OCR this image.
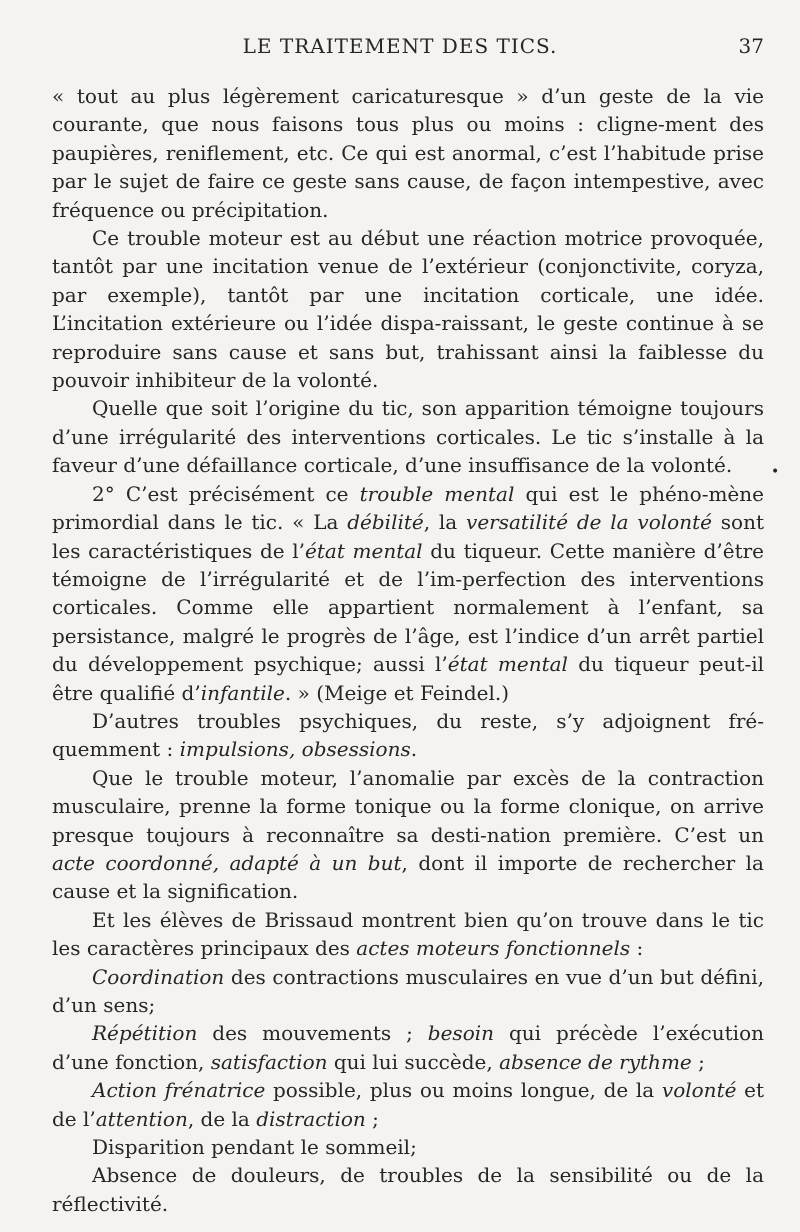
LE TRAITEMENT DES TICS.	37
•

« tout au plus légèrement caricaturesque » d’un geste de la vie courante, que nous faisons tous plus ou moins : cligne-ment des paupières, reniflement, etc. Ce qui est anormal, c’est l’habitude prise par le sujet de faire ce geste sans cause, de façon intempestive, avec fréquence ou précipitation.

Ce trouble moteur est au début une réaction motrice provoquée, tantôt par une incitation venue de l’extérieur (conjonctivite, coryza, par exemple), tantôt par une incitation corticale, une idée. L’incitation extérieure ou l’idée dispa-raissant, le geste continue à se reproduire sans cause et sans but, trahissant ainsi la faiblesse du pouvoir inhibiteur de la volonté.

Quelle que soit l’origine du tic, son apparition témoigne toujours d’une irrégularité des interventions corticales. Le tic s’installe à la faveur d’une défaillance corticale, d’une insuffisance de la volonté.

2° C’est précisément ce trouble mental qui est le phéno-mène primordial dans le tic. « La débilité, la versatilité de la volonté sont les caractéristiques de l’état mental du tiqueur. Cette manière d’être témoigne de l’irrégularité et de l’im-perfection des interventions corticales. Comme elle appartient normalement à l’enfant, sa persistance, malgré le progrès de l’âge, est l’indice d’un arrêt partiel du développement psychique; aussi l’état mental du tiqueur peut-il être qualifié d’infantile. » (Meige et Feindel.)

D’autres troubles psychiques, du reste, s’y adjoignent fré-quemment : impulsions, obsessions.

Que le trouble moteur, l’anomalie par excès de la contraction musculaire, prenne la forme tonique ou la forme clonique, on arrive presque toujours à reconnaître sa desti-nation première. C’est un acte coordonné, adapté à un but, dont il importe de rechercher la cause et la signification.

Et les élèves de Brissaud montrent bien qu’on trouve dans le tic les caractères principaux des actes moteurs fonctionnels :

Coordination des contractions musculaires en vue d’un but défini, d’un sens;

Répétition des mouvements ; besoin qui précède l’exécution d’une fonction, satisfaction qui lui succède, absence de rythme ;

Action frénatrice possible, plus ou moins longue, de la volonté et de l’attention, de la distraction ;

Disparition pendant le sommeil;

Absence de douleurs, de troubles de la sensibilité ou de la réflectivité.
